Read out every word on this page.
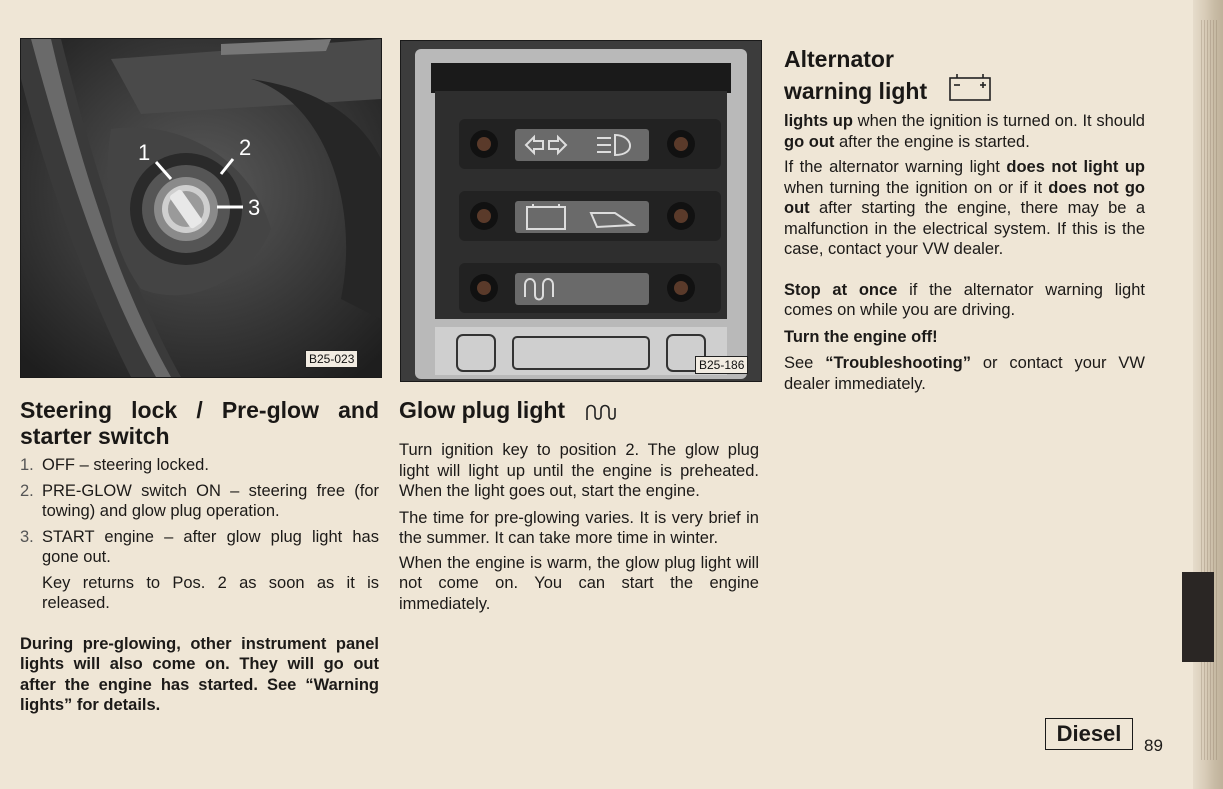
1	2
3
B25-023	B25-186
Steering lock / Pre-glow and starter switch
1. OFF – steering locked.
2. PRE-GLOW switch ON – steering free (for towing) and glow plug operation.
3. START engine – after glow plug light has gone out.

Key returns to Pos. 2 as soon as it is released.

During pre-glowing, other instrument panel lights will also come on. They will go out after the engine has started. See “Warning lights” for details.

Glow plug light

Turn ignition key to position 2. The glow plug light will light up until the engine is preheated. When the light goes out, start the engine.

The time for pre-glowing varies. It is very brief in the summer. It can take more time in winter.

When the engine is warm, the glow plug light will not come on. You can start the engine immediately.

Alternator
warning light

lights up when the ignition is turned on. It should go out after the engine is started.

If the alternator warning light does not light up when turning the ignition on or if it does not go out after starting the engine, there may be a malfunction in the electrical system. If this is the case, contact your VW dealer.

Stop at once if the alternator warning light comes on while you are driving.

Turn the engine off!

See “Troubleshooting” or contact your VW dealer immediately.

Diesel	89
